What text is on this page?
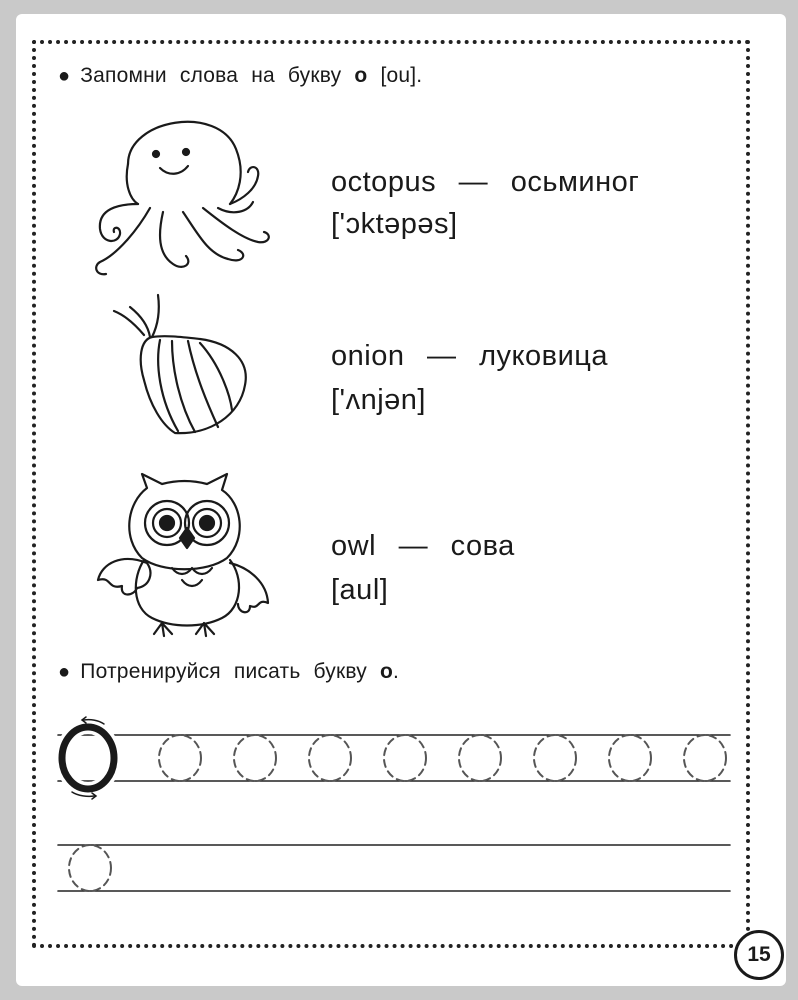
● Запомни слова на букву o [ou].
octopus — осьминог
['ɔktəpəs]
onion — луковица
['ʌnjən]
owl — сова
[aul]
● Потренируйся писать букву o.
15
